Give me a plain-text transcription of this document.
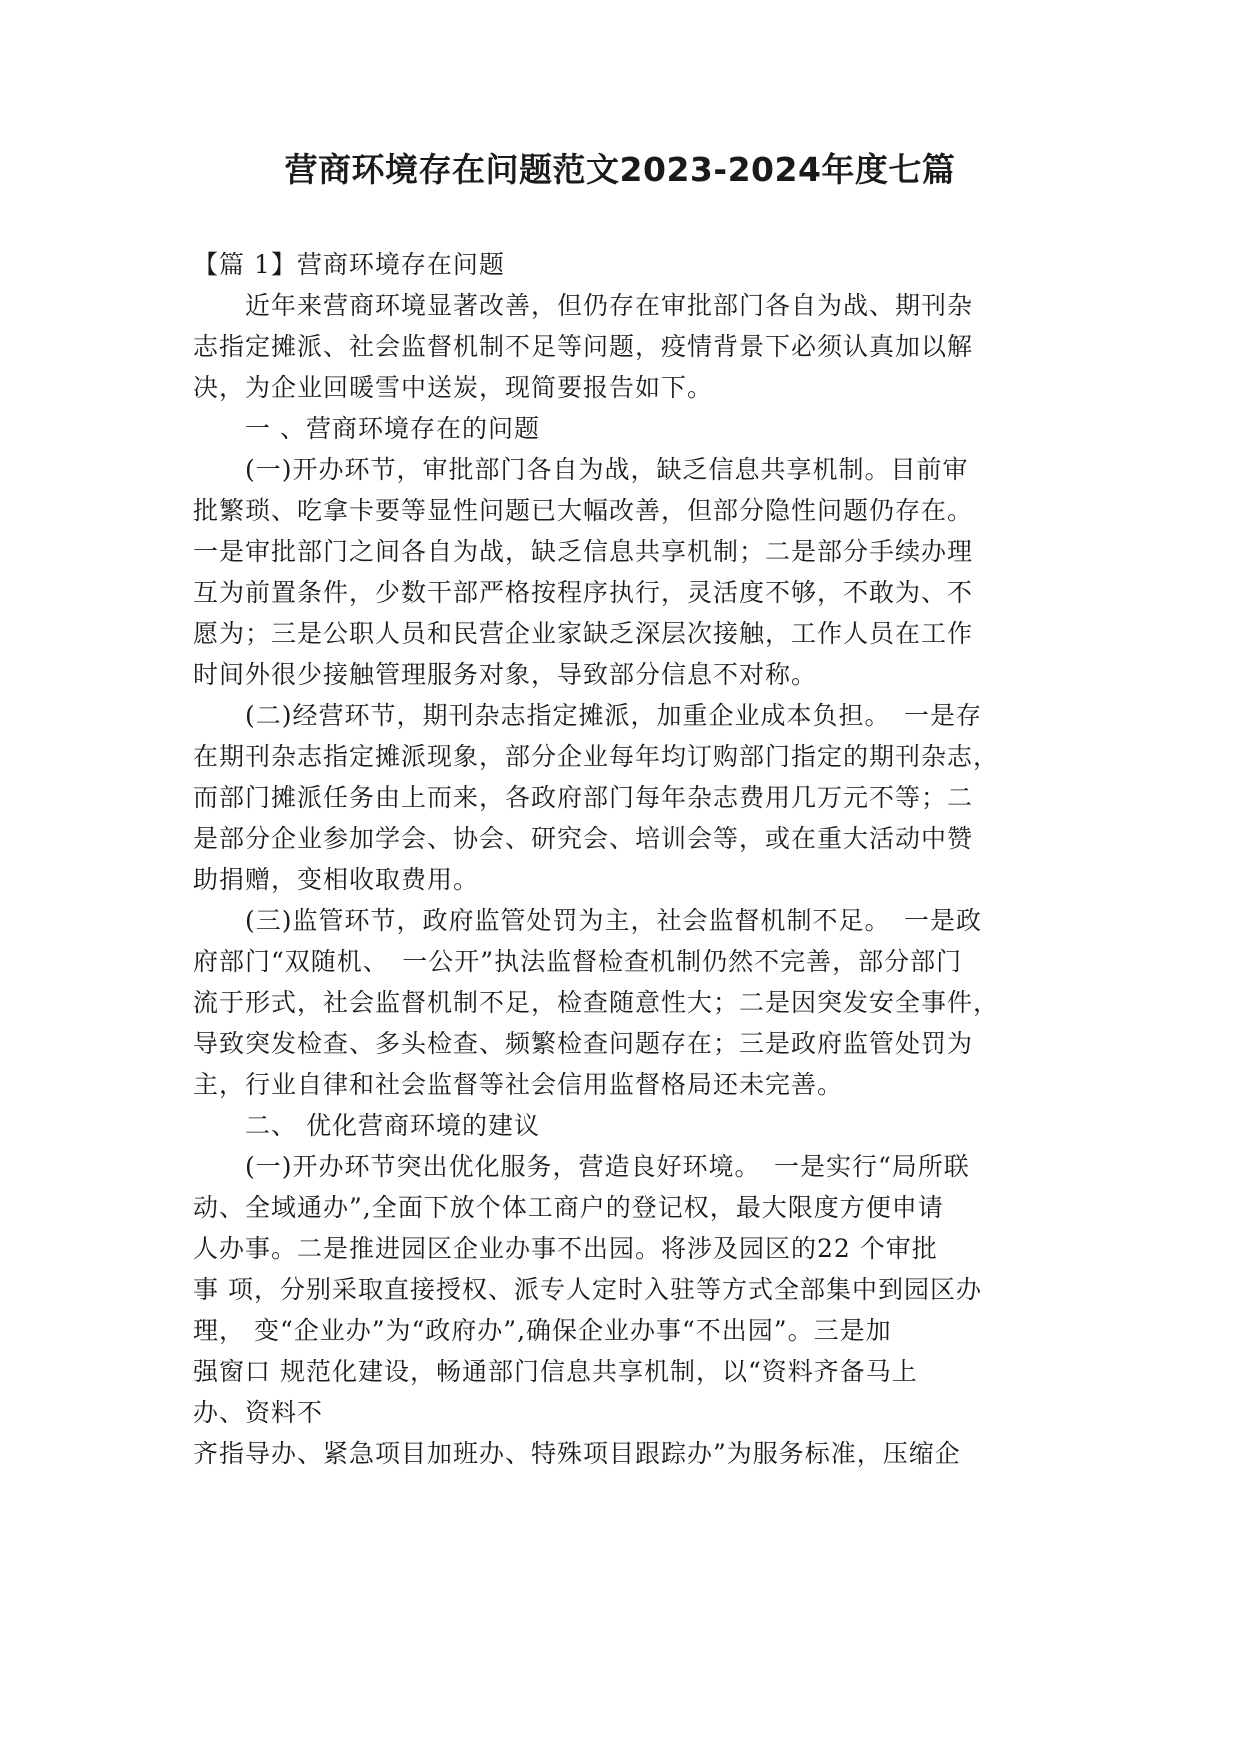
营商环境存在问题范文2023-2024年度七篇
【篇 1】营商环境存在问题
　　近年来营商环境显著改善，但仍存在审批部门各自为战、期刊杂
志指定摊派、社会监督机制不足等问题，疫情背景下必须认真加以解
决，为企业回暖雪中送炭，现简要报告如下。
　　一 、营商环境存在的问题
　　(一)开办环节，审批部门各自为战，缺乏信息共享机制。目前审
批繁琐、吃拿卡要等显性问题已大幅改善，但部分隐性问题仍存在。
一是审批部门之间各自为战，缺乏信息共享机制；二是部分手续办理
互为前置条件，少数干部严格按程序执行，灵活度不够，不敢为、不
愿为；三是公职人员和民营企业家缺乏深层次接触，工作人员在工作
时间外很少接触管理服务对象，导致部分信息不对称。
　　(二)经营环节，期刊杂志指定摊派，加重企业成本负担。　一是存
在期刊杂志指定摊派现象，部分企业每年均订购部门指定的期刊杂志，
而部门摊派任务由上而来，各政府部门每年杂志费用几万元不等；二
是部分企业参加学会、协会、研究会、培训会等，或在重大活动中赞
助捐赠，变相收取费用。
　　(三)监管环节，政府监管处罚为主，社会监督机制不足。　一是政
府部门“双随机、　一公开”执法监督检查机制仍然不完善，部分部门
流于形式，社会监督机制不足，检查随意性大；二是因突发安全事件，
导致突发检查、多头检查、频繁检查问题存在；三是政府监管处罚为
主，行业自律和社会监督等社会信用监督格局还未完善。
　　二、 优化营商环境的建议
　　(一)开办环节突出优化服务，营造良好环境。　一是实行“局所联
动、全域通办”,全面下放个体工商户的登记权，最大限度方便申请
人办事。二是推进园区企业办事不出园。将涉及园区的22 个审批
事 项，分别采取直接授权、派专人定时入驻等方式全部集中到园区办
理， 变“企业办”为“政府办”,确保企业办事“不出园”。三是加
强窗口 规范化建设，畅通部门信息共享机制，以“资料齐备马上
办、资料不
齐指导办、紧急项目加班办、特殊项目跟踪办”为服务标准，压缩企
